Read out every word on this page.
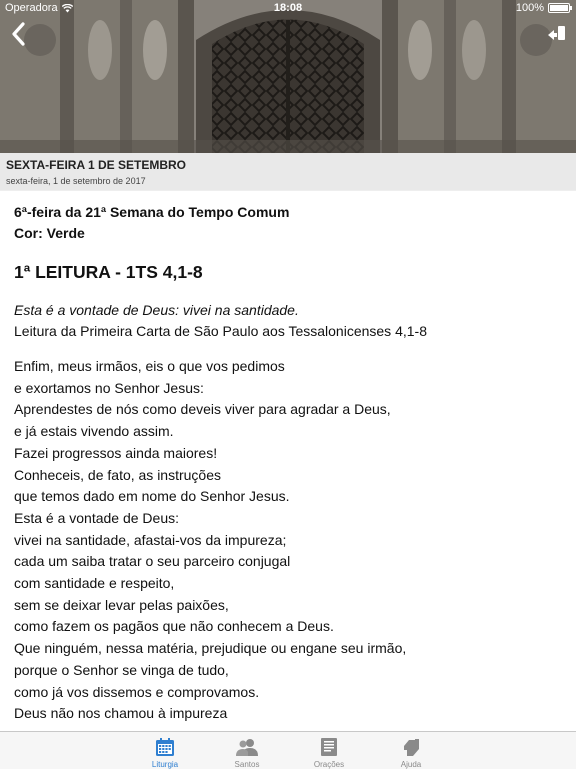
Operadora	18:08	100%
SEXTA-FEIRA 1 DE SETEMBRO
sexta-feira, 1 de setembro de 2017
6ª-feira da 21ª Semana do Tempo Comum
Cor: Verde
1ª LEITURA - 1TS 4,1-8
Esta é a vontade de Deus: vivei na santidade.
Leitura da Primeira Carta de São Paulo aos Tessalonicenses 4,1-8
Enfim, meus irmãos, eis o que vos pedimos
e exortamos no Senhor Jesus:
Aprendestes de nós como deveis viver para agradar a Deus,
e já estais vivendo assim.
Fazei progressos ainda maiores!
Conheceis, de fato, as instruções
que temos dado em nome do Senhor Jesus.
Esta é a vontade de Deus:
vivei na santidade, afastai-vos da impureza;
cada um saiba tratar o seu parceiro conjugal
com santidade e respeito,
sem se deixar levar pelas paixões,
como fazem os pagãos que não conhecem a Deus.
Que ninguém, nessa matéria, prejudique ou engane seu irmão,
porque o Senhor se vinga de tudo,
como já vos dissemos e comprovamos.
Deus não nos chamou à impureza
Liturgia	Santos	Orações	Ajuda
